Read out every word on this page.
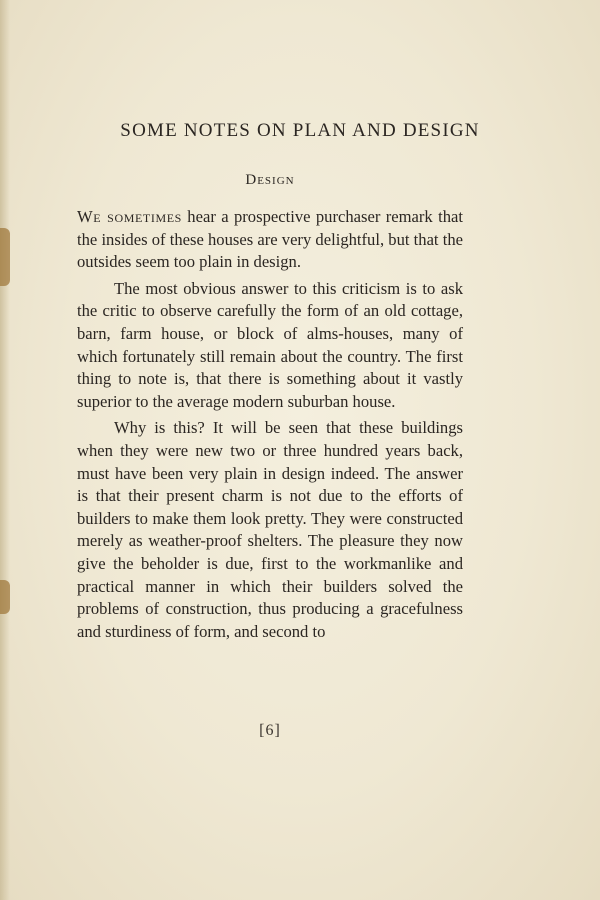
SOME NOTES ON PLAN AND DESIGN
Design

We sometimes hear a prospective purchaser remark that the insides of these houses are very delightful, but that the outsides seem too plain in design.

The most obvious answer to this criticism is to ask the critic to observe carefully the form of an old cottage, barn, farm house, or block of alms-houses, many of which fortunately still remain about the country. The first thing to note is, that there is something about it vastly superior to the average modern suburban house.

Why is this? It will be seen that these buildings when they were new two or three hundred years back, must have been very plain in design indeed. The answer is that their present charm is not due to the efforts of builders to make them look pretty. They were constructed merely as weather-proof shelters. The pleasure they now give the beholder is due, first to the workmanlike and practical manner in which their builders solved the problems of construction, thus producing a gracefulness and sturdiness of form, and second to

[6]
